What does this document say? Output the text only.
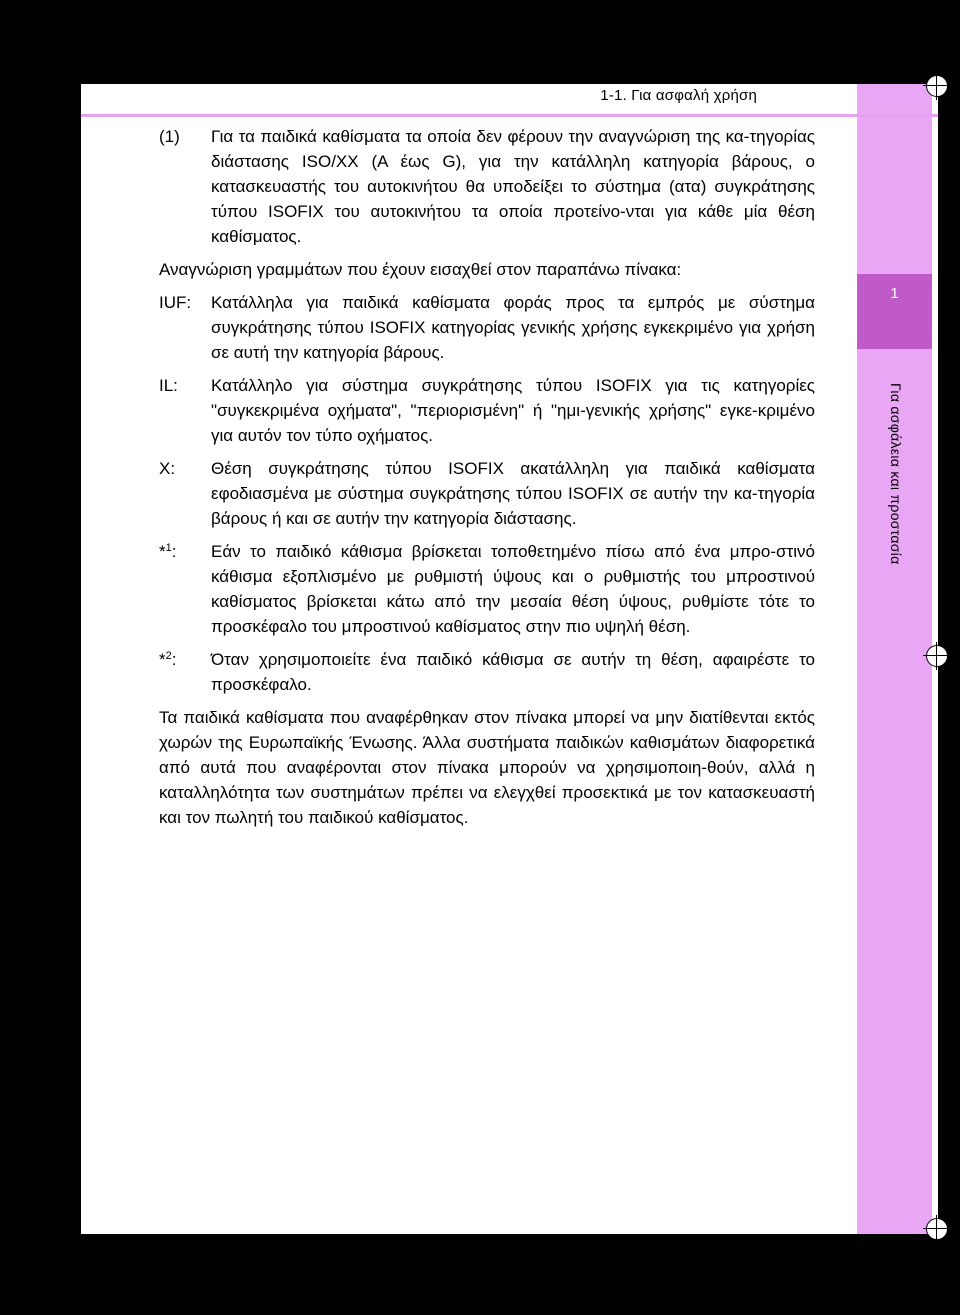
1-1. Για ασφαλή χρήση
1
Για ασφάλεια και προστασία
(1)	Για τα παιδικά καθίσματα τα οποία δεν φέρουν την αναγνώριση της κα-τηγορίας διάστασης ISO/XX (A έως G), για την κατάλληλη κατηγορία βάρους, ο κατασκευαστής του αυτοκινήτου θα υποδείξει το σύστημα (ατα) συγκράτησης τύπου ISOFIX του αυτοκινήτου τα οποία προτείνο-νται για κάθε μία θέση καθίσματος.
Αναγνώριση γραμμάτων που έχουν εισαχθεί στον παραπάνω πίνακα:
IUF:	Κατάλληλα για παιδικά καθίσματα φοράς προς τα εμπρός με σύστημα συγκράτησης τύπου ISOFIX κατηγορίας γενικής χρήσης εγκεκριμένο για χρήση σε αυτή την κατηγορία βάρους.
IL:	Κατάλληλο για σύστημα συγκράτησης τύπου ISOFIX για τις κατηγορίες "συγκεκριμένα οχήματα", "περιορισμένη" ή "ημι-γενικής χρήσης" εγκε-κριμένο για αυτόν τον τύπο οχήματος.
X:	Θέση συγκράτησης τύπου ISOFIX ακατάλληλη για παιδικά καθίσματα εφοδιασμένα με σύστημα συγκράτησης τύπου ISOFIX σε αυτήν την κα-τηγορία βάρους ή και σε αυτήν την κατηγορία διάστασης.
*$^1$:	Εάν το παιδικό κάθισμα βρίσκεται τοποθετημένο πίσω από ένα μπρο-στινό κάθισμα εξοπλισμένο με ρυθμιστή ύψους και ο ρυθμιστής του μπροστινού καθίσματος βρίσκεται κάτω από την μεσαία θέση ύψους, ρυθμίστε τότε το προσκέφαλο του μπροστινού καθίσματος στην πιο υψηλή θέση.
*$^2$:	Όταν χρησιμοποιείτε ένα παιδικό κάθισμα σε αυτήν τη θέση, αφαιρέστε το προσκέφαλο.
Τα παιδικά καθίσματα που αναφέρθηκαν στον πίνακα μπορεί να μην διατίθενται εκτός χωρών της Ευρωπαϊκής Ένωσης. Άλλα συστήματα παιδικών καθισμάτων διαφορετικά από αυτά που αναφέρονται στον πίνακα μπορούν να χρησιμοποιη-θούν, αλλά η καταλληλότητα των συστημάτων πρέπει να ελεγχθεί προσεκτικά με τον κατασκευαστή και τον πωλητή του παιδικού καθίσματος.
